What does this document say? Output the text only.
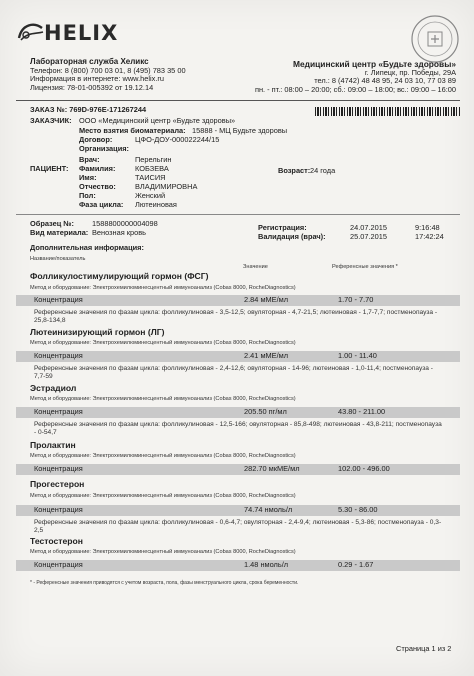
HELIX
Лабораторная служба Хеликс
Телефон: 8 (800) 700 03 01, 8 (495) 783 35 00
Информация в интернете: www.helix.ru
Лицензия: 78-01-005392 от 19.12.14
Медицинский центр «Будьте здоровы»
г. Липецк, пр. Победы, 29А
тел.: 8 (4742) 48 48 95, 24 03 10, 77 03 89
пн. - пт.: 08:00 – 20:00; сб.: 09:00 – 18:00; вс.: 09:00 – 16:00
ЗАКАЗ №: 769D-976E-171267244
ЗАКАЗЧИК: ООО «Медицинский центр «Будьте здоровы»
Место взятия биоматериала: 15888 - МЦ Будьте здоровы
Договор:	ЦФО-ДОУ-000022244/15
Организация:
ПАЦИЕНТ:
Врач:	Перельгин
Фамилия:	КОБЗЕВА
Имя:	ТАИСИЯ
Отчество:	ВЛАДИМИРОВНА
Пол:	Женский
Фаза цикла: Лютеиновая
Возраст: 24 года
Образец №: 1588800000004098
Вид материала: Венозная кровь
Регистрация:	24.07.2015	9:16:48
Валидация (врач):	25.07.2015	17:42:24
Дополнительная информация:
Название/показатель
Значение	Референсные значения *
Фолликулостимулирующий гормон (ФСГ)
Метод и оборудование: Электрохемилюминесцентный иммуноанализ (Cobas 8000, RocheDiagnostics)
Концентрация	2.84 мМЕ/мл	1.70 - 7.70
Референсные значения по фазам цикла: фолликулиновая - 3,5-12,5; овуляторная - 4,7-21,5; лютеиновая - 1,7-7,7; постменопауза - 25,8-134,8
Лютеинизирующий гормон (ЛГ)
Метод и оборудование: Электрохемилюминесцентный иммуноанализ (Cobas 8000, RocheDiagnostics)
Концентрация	2.41 мМЕ/мл	1.00 - 11.40
Референсные значения по фазам цикла: фолликулиновая - 2,4-12,6; овуляторная - 14-96; лютеиновая - 1,0-11,4; постменопауза - 7,7-59
Эстрадиол
Метод и оборудование: Электрохемилюминесцентный иммуноанализ (Cobas 8000, RocheDiagnostics)
Концентрация	205.50 пг/мл	43.80 - 211.00
Референсные значения по фазам цикла: фолликулиновая - 12,5-166; овуляторная - 85,8-498; лютеиновая - 43,8-211; постменопауза - 0-54,7
Пролактин
Метод и оборудование: Электрохемилюминесцентный иммуноанализ (Cobas 8000, RocheDiagnostics)
Концентрация	282.70 мкМЕ/мл	102.00 - 496.00
Прогестерон
Метод и оборудование: Электрохемилюминесцентный иммуноанализ (Cobas 8000, RocheDiagnostics)
Концентрация	74.74 нмоль/л	5.30 - 86.00
Референсные значения по фазам цикла: фолликулиновая - 0,6-4,7; овуляторная - 2,4-9,4; лютеиновая - 5,3-86; постменопауза - 0,3-2,5
Тестостерон
Метод и оборудование: Электрохемилюминесцентный иммуноанализ (Cobas 8000, RocheDiagnostics)
Концентрация	1.48 нмоль/л	0.29 - 1.67
* - Референсные значения приводятся с учетом возраста, пола, фазы менструального цикла, срока беременности.
Страница 1 из 2
